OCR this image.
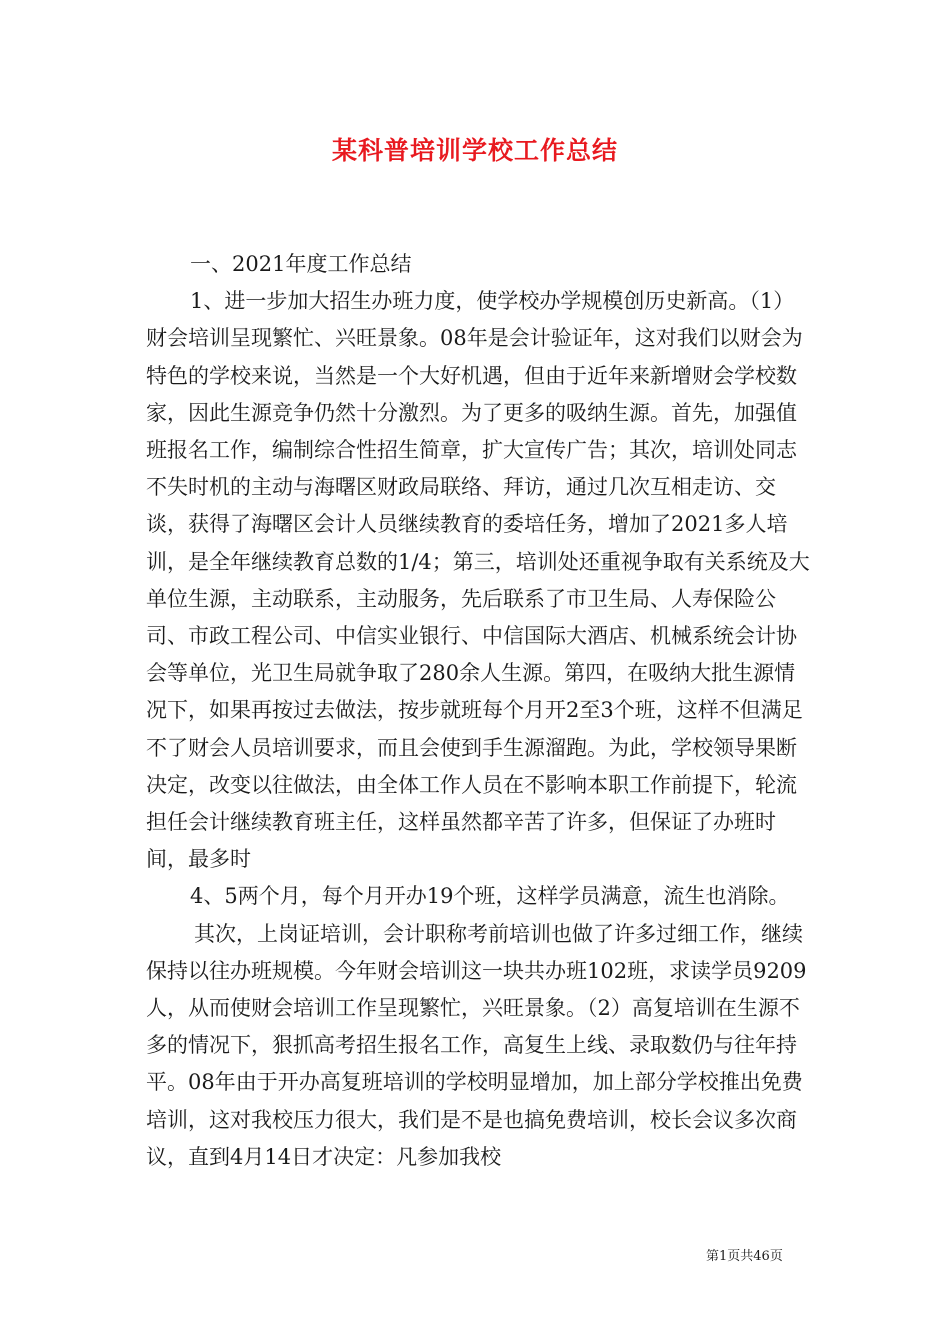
某科普培训学校工作总结

一、2021年度工作总结

1、进一步加大招生办班力度，使学校办学规模创历史新高。（1）财会培训呈现繁忙、兴旺景象。08年是会计验证年，这对我们以财会为特色的学校来说，当然是一个大好机遇，但由于近年来新增财会学校数家，因此生源竞争仍然十分激烈。为了更多的吸纳生源。首先，加强值班报名工作，编制综合性招生简章，扩大宣传广告；其次，培训处同志不失时机的主动与海曙区财政局联络、拜访，通过几次互相走访、交谈，获得了海曙区会计人员继续教育的委培任务，增加了2021多人培训，是全年继续教育总数的1/4；第三，培训处还重视争取有关系统及大单位生源，主动联系，主动服务，先后联系了市卫生局、人寿保险公司、市政工程公司、中信实业银行、中信国际大酒店、机械系统会计协会等单位，光卫生局就争取了280余人生源。第四，在吸纳大批生源情况下，如果再按过去做法，按步就班每个月开2至3个班，这样不但满足不了财会人员培训要求，而且会使到手生源溜跑。为此，学校领导果断决定，改变以往做法，由全体工作人员在不影响本职工作前提下，轮流担任会计继续教育班主任，这样虽然都辛苦了许多，但保证了办班时间，最多时

4、5两个月，每个月开办19个班，这样学员满意，流生也消除。

其次，上岗证培训，会计职称考前培训也做了许多过细工作，继续保持以往办班规模。今年财会培训这一块共办班102班，求读学员9209人，从而使财会培训工作呈现繁忙，兴旺景象。（2）高复培训在生源不多的情况下，狠抓高考招生报名工作，高复生上线、录取数仍与往年持平。08年由于开办高复班培训的学校明显增加，加上部分学校推出免费培训，这对我校压力很大，我们是不是也搞免费培训，校长会议多次商议，直到4月14日才决定：凡参加我校

第1页共46页
